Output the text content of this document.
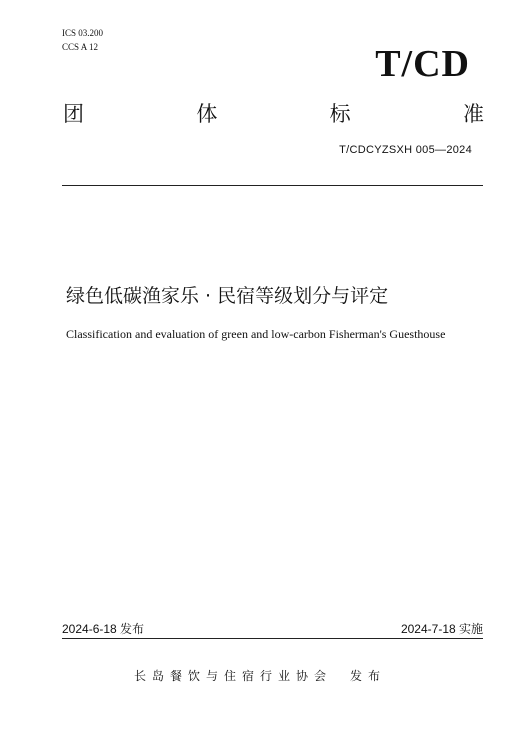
ICS 03.200
CCS A 12	T/CD
团	体	标	准
T/CDCYZSXH 005—2024
绿色低碳渔家乐 · 民宿等级划分与评定
Classification and evaluation of green and low-carbon Fisherman's Guesthouse
2024-6-18 发布	2024-7-18 实施
长岛餐饮与住宿行业协会　发布
